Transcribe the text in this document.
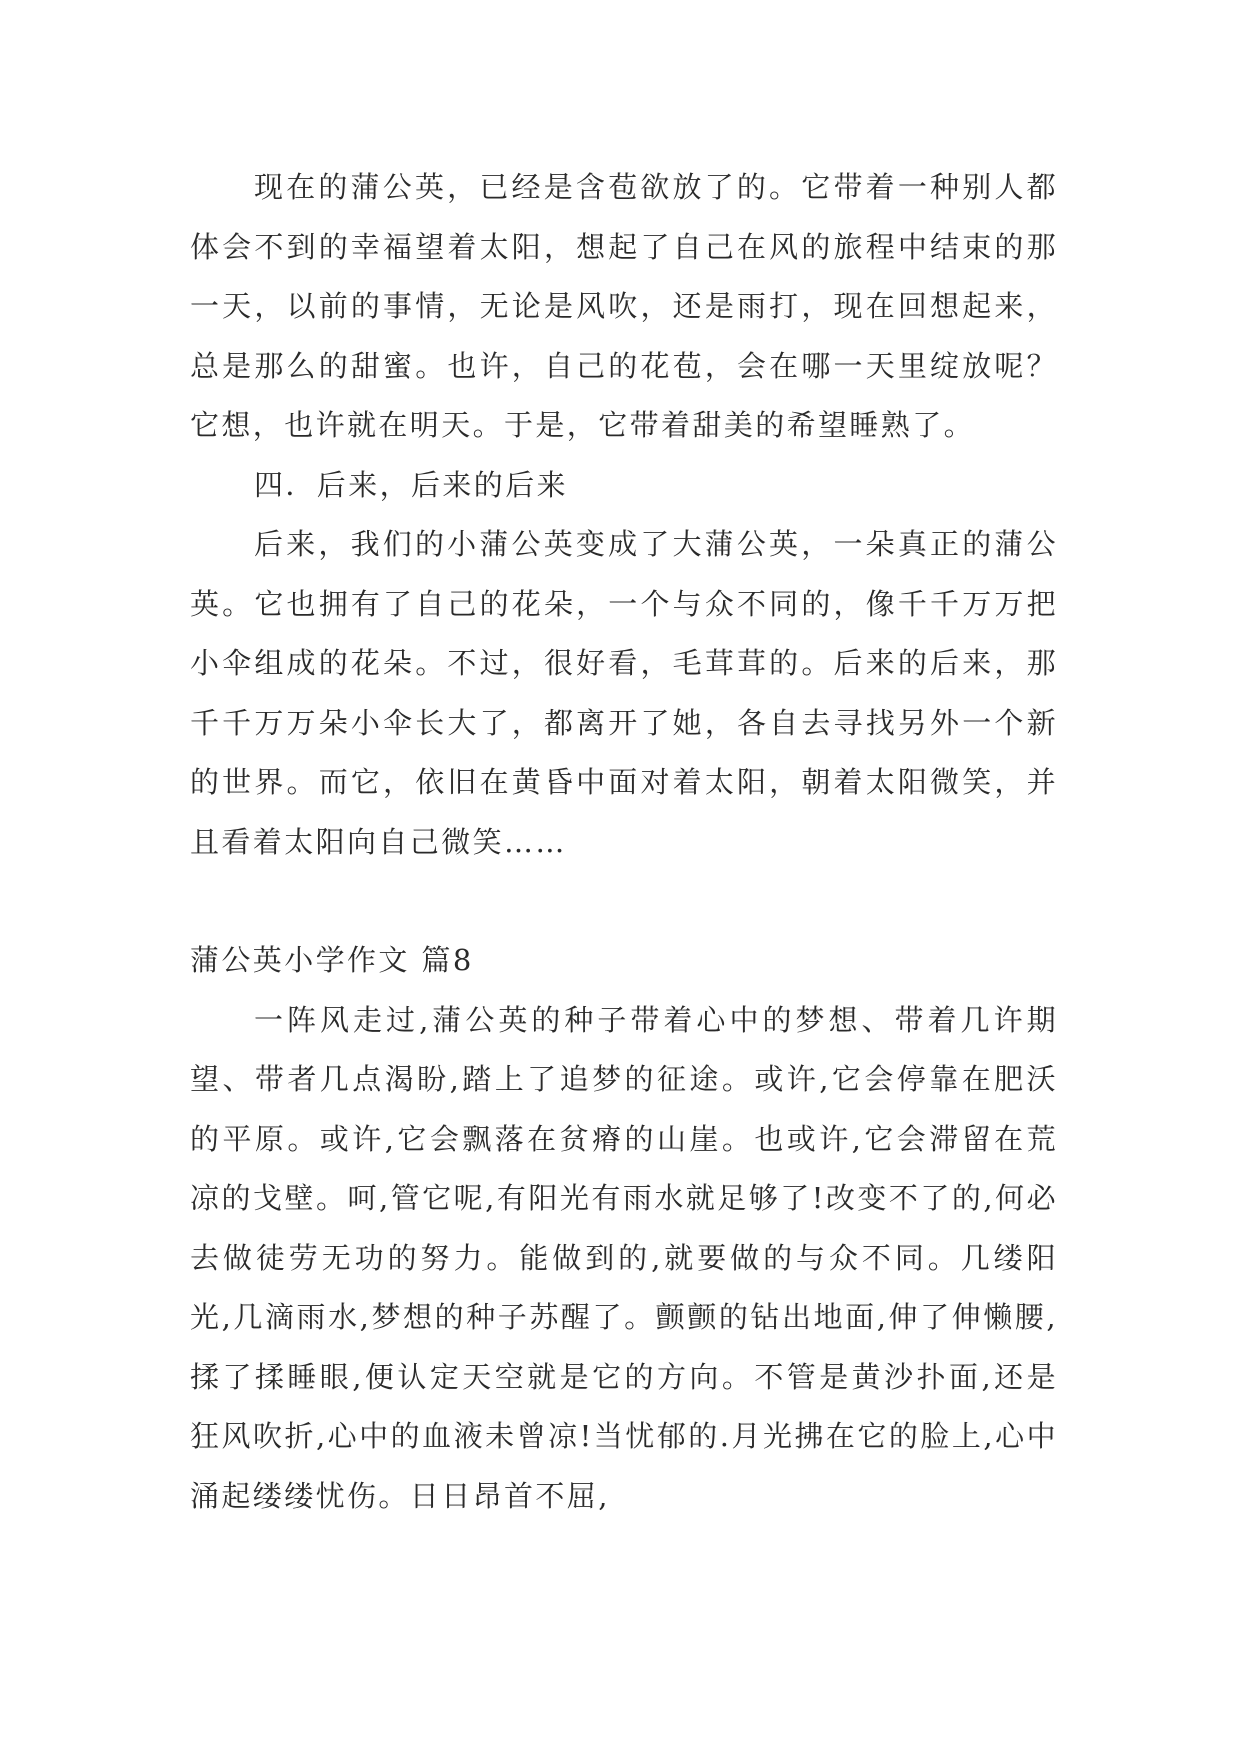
现在的蒲公英，已经是含苞欲放了的。它带着一种别人都体会不到的幸福望着太阳，想起了自己在风的旅程中结束的那一天，以前的事情，无论是风吹，还是雨打，现在回想起来，总是那么的甜蜜。也许，自己的花苞，会在哪一天里绽放呢？它想，也许就在明天。于是，它带着甜美的希望睡熟了。

四．后来，后来的后来

后来，我们的小蒲公英变成了大蒲公英，一朵真正的蒲公英。它也拥有了自己的花朵，一个与众不同的，像千千万万把小伞组成的花朵。不过，很好看，毛茸茸的。后来的后来，那千千万万朵小伞长大了，都离开了她，各自去寻找另外一个新的世界。而它，依旧在黄昏中面对着太阳，朝着太阳微笑，并且看着太阳向自己微笑……

蒲公英小学作文 篇8

一阵风走过,蒲公英的种子带着心中的梦想、带着几许期望、带者几点渴盼,踏上了追梦的征途。或许,它会停靠在肥沃的平原。或许,它会飘落在贫瘠的山崖。也或许,它会滞留在荒凉的戈壁。呵,管它呢,有阳光有雨水就足够了!改变不了的,何必去做徒劳无功的努力。能做到的,就要做的与众不同。几缕阳光,几滴雨水,梦想的种子苏醒了。颤颤的钻出地面,伸了伸懒腰,揉了揉睡眼,便认定天空就是它的方向。不管是黄沙扑面,还是狂风吹折,心中的血液未曾凉!当忧郁的.月光拂在它的脸上,心中涌起缕缕忧伤。日日昂首不屈,
